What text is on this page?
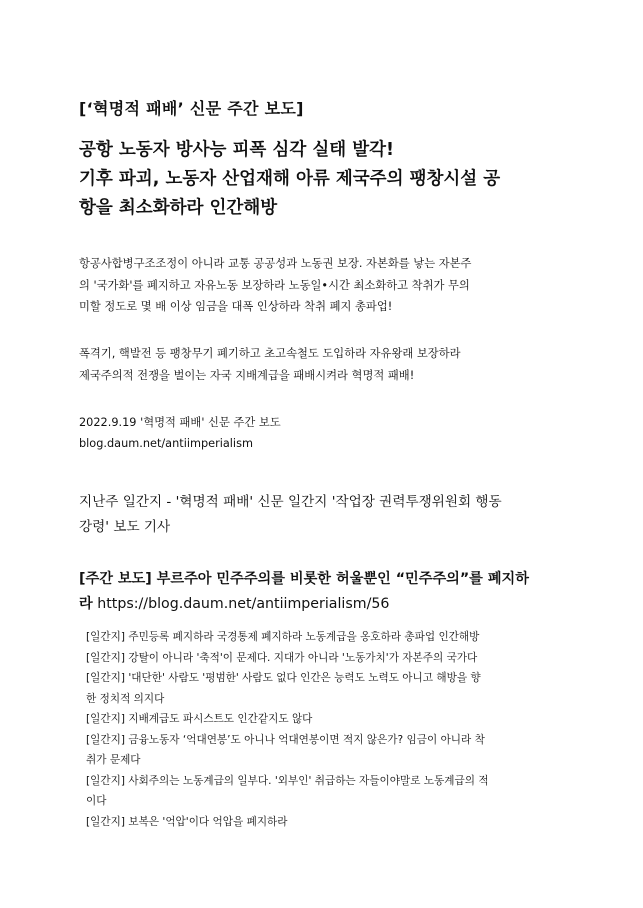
[‘혁명적 패배’ 신문 주간 보도]
공항 노동자 방사능 피폭 심각 실태 발각!
기후 파괴, 노동자 산업재해 아류 제국주의 팽창시설 공
항을 최소화하라 인간해방
항공사합병구조조정이 아니라 교통 공공성과 노동권 보장. 자본화를 낳는 자본주
의 '국가화'를 폐지하고 자유노동 보장하라 노동일•시간 최소화하고 착취가 무의
미할 정도로 몇 배 이상 임금을 대폭 인상하라 착취 폐지 총파업!
폭격기, 핵발전 등 팽창무기 폐기하고 초고속철도 도입하라 자유왕래 보장하라
제국주의적 전쟁을 벌이는 자국 지배계급을 패배시켜라 혁명적 패배!
2022.9.19 '혁명적 패배' 신문 주간 보도
blog.daum.net/antiimperialism
지난주 일간지 - '혁명적 패배' 신문 일간지 '작업장 권력투쟁위원회 행동
강령' 보도 기사
[주간 보도] 부르주아 민주주의를 비롯한 허울뿐인 “민주주의”를 폐지하
라 https://blog.daum.net/antiimperialism/56
[일간지] 주민등록 폐지하라 국경통제 폐지하라 노동계급을 옹호하라 총파업 인간해방
[일간지] 강탈이 아니라 '축적'이 문제다. 지대가 아니라 '노동가치'가 자본주의 국가다
[일간지] '대단한' 사람도 '평범한' 사람도 없다 인간은 능력도 노력도 아니고 해방을 향
한 정치적 의지다
[일간지] 지배계급도 파시스트도 인간같지도 않다
[일간지] 금융노동자 ‘억대연봉’도 아니나 억대연봉이면 적지 않은가? 임금이 아니라 착
취가 문제다
[일간지] 사회주의는 노동계급의 일부다. '외부인' 취급하는 자들이야말로 노동계급의 적
이다
[일간지] 보복은 '억압'이다 억압을 폐지하라
